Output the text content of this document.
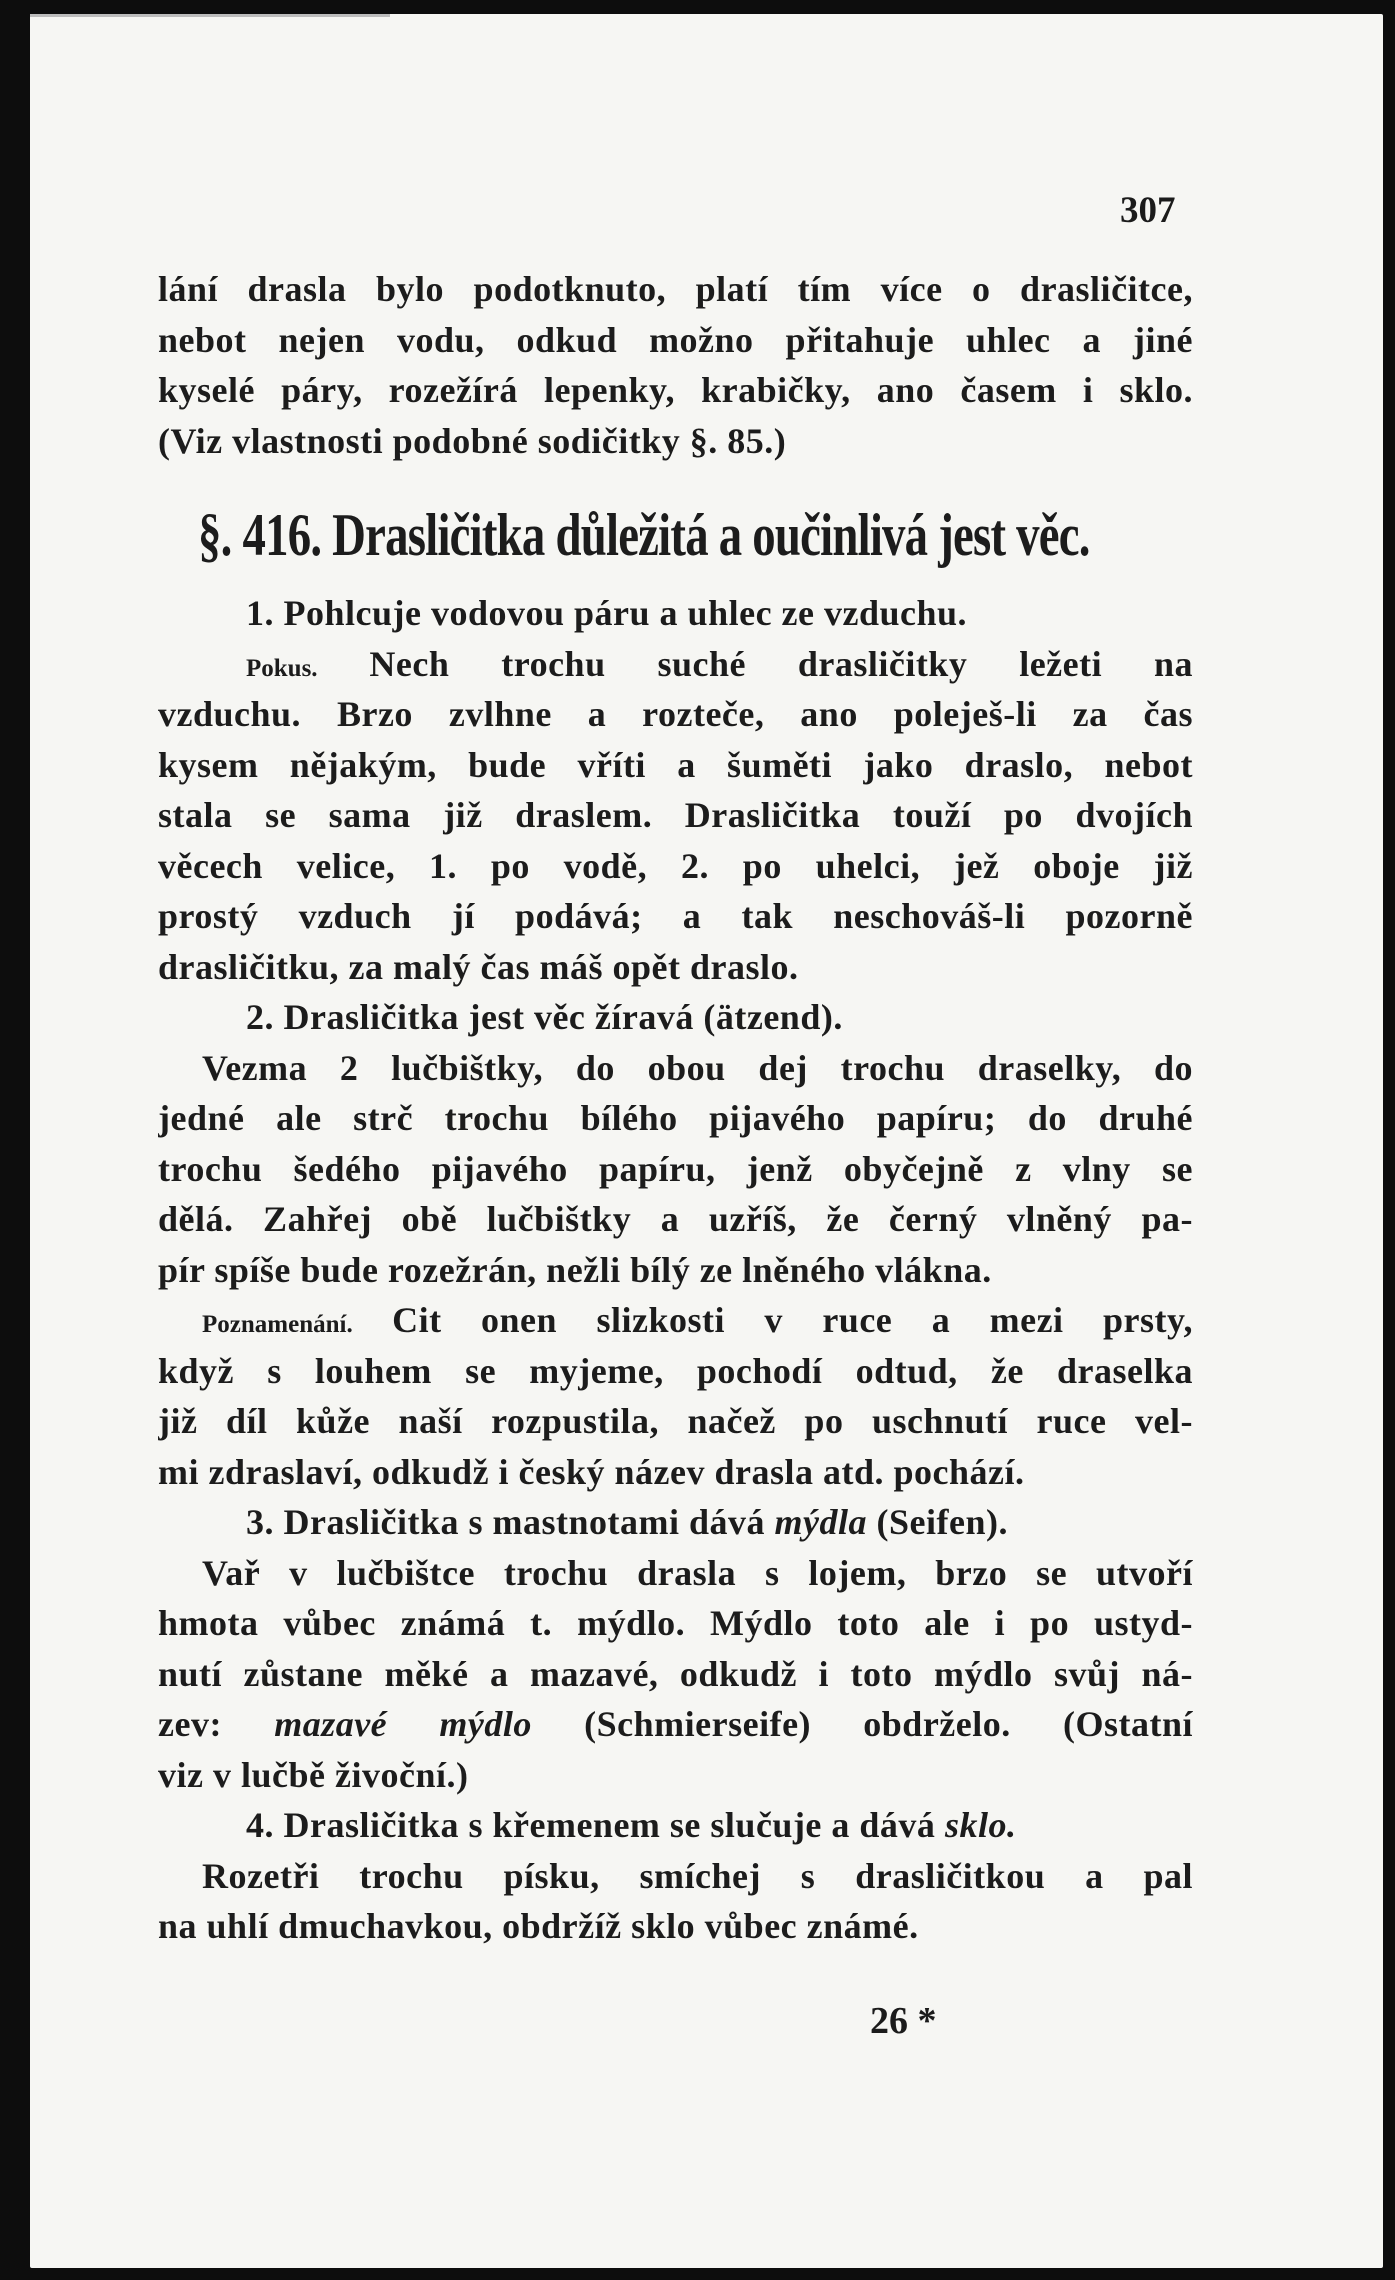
307
lání drasla bylo podotknuto, platí tím více o drasličitce,
nebot nejen vodu, odkud možno přitahuje uhlec a jiné
kyselé páry, rozežírá lepenky, krabičky, ano časem i sklo.
(Viz vlastnosti podobné sodičitky §. 85.)
§. 416. Drasličitka důležitá a oučinlivá jest věc.
1. Pohlcuje vodovou páru a uhlec ze vzduchu.
Pokus. Nech trochu suché drasličitky ležeti na
vzduchu. Brzo zvlhne a rozteče, ano poleješ-li za čas
kysem nějakým, bude vříti a šuměti jako draslo, nebot
stala se sama již draslem. Drasličitka touží po dvojích
věcech velice, 1. po vodě, 2. po uhelci, jež oboje již
prostý vzduch jí podává; a tak neschováš-li pozorně
drasličitku, za malý čas máš opět draslo.
2. Drasličitka jest věc žíravá (ätzend).
Vezma 2 lučbištky, do obou dej trochu draselky, do
jedné ale strč trochu bílého pijavého papíru; do druhé
trochu šedého pijavého papíru, jenž obyčejně z vlny se
dělá. Zahřej obě lučbištky a uzříš, že černý vlněný pa-
pír spíše bude rozežrán, nežli bílý ze lněného vlákna.
Poznamenání. Cit onen slizkosti v ruce a mezi prsty,
když s louhem se myjeme, pochodí odtud, že draselka
již díl kůže naší rozpustila, načež po uschnutí ruce vel-
mi zdraslaví, odkudž i český název drasla atd. pochází.
3. Drasličitka s mastnotami dává mýdla (Seifen).
Vař v lučbištce trochu drasla s lojem, brzo se utvoří
hmota vůbec známá t. mýdlo. Mýdlo toto ale i po ustyd-
nutí zůstane měké a mazavé, odkudž i toto mýdlo svůj ná-
zev: mazavé mýdlo (Schmierseife) obdrželo. (Ostatní
viz v lučbě živoční.)
4. Drasličitka s křemenem se slučuje a dává sklo.
Rozetři trochu písku, smíchej s drasličitkou a pal
na uhlí dmuchavkou, obdržíž sklo vůbec známé.
26 *
